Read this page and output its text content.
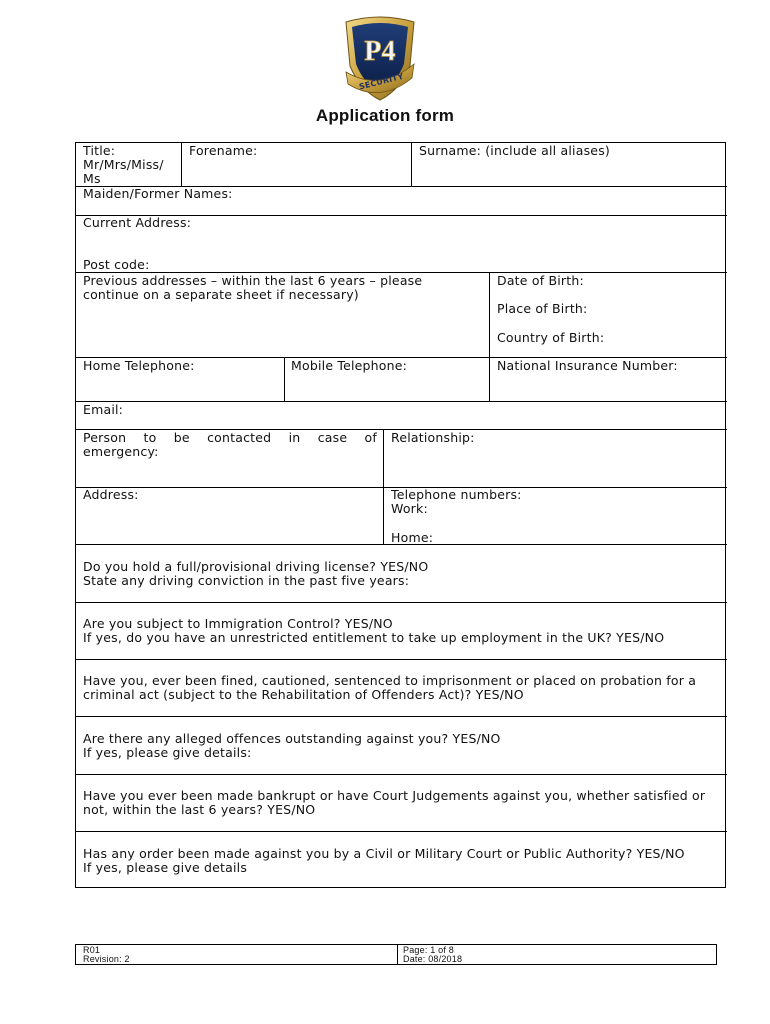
P4
SECURITY
Application form
Title:
Mr/Mrs/Miss/
Ms
Forename:	Surname: (include all aliases)
Maiden/Former Names:
Current Address:
Post code:
Previous addresses – within the last 6 years – please
continue on a separate sheet if necessary)
Date of Birth:
Place of Birth:
Country of Birth:
Home Telephone:	Mobile Telephone:	National Insurance Number:
Email:
Person to be contacted in case of
emergency:
Relationship:
Address:	Telephone numbers:
Work:
Home:
Do you hold a full/provisional driving license? YES/NO
State any driving conviction in the past five years:
Are you subject to Immigration Control? YES/NO
If yes, do you have an unrestricted entitlement to take up employment in the UK? YES/NO
Have you, ever been fined, cautioned, sentenced to imprisonment or placed on probation for a
criminal act (subject to the Rehabilitation of Offenders Act)? YES/NO
Are there any alleged offences outstanding against you? YES/NO
If yes, please give details:
Have you ever been made bankrupt or have Court Judgements against you, whether satisfied or
not, within the last 6 years? YES/NO
Has any order been made against you by a Civil or Military Court or Public Authority? YES/NO
If yes, please give details
R01
Revision: 2
Page: 1 of 8
Date: 08/2018
